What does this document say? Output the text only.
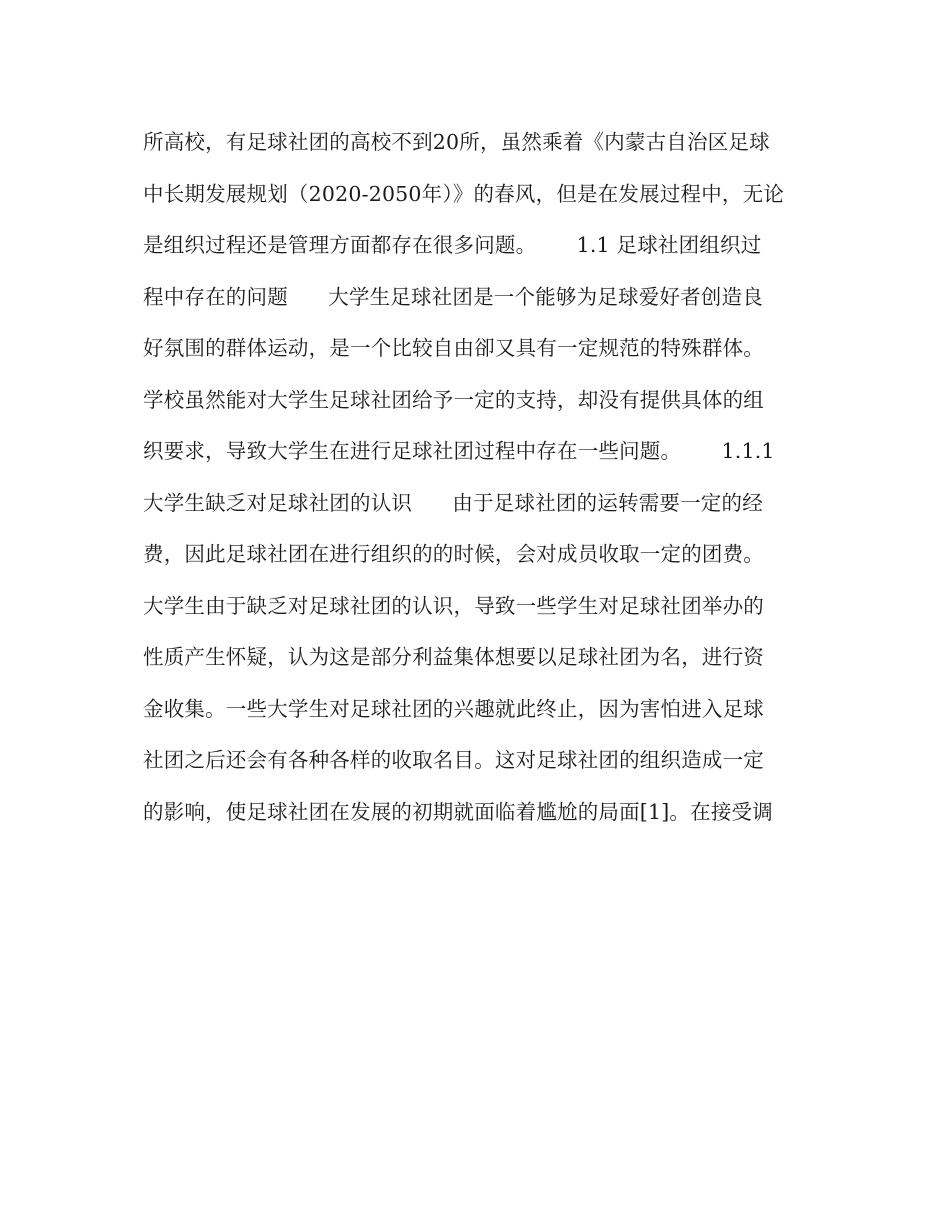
所高校，有足球社团的高校不到20所，虽然乘着《内蒙古自治区足球
中长期发展规划（2020-2050年）》的春风，但是在发展过程中，无论
是组织过程还是管理方面都存在很多问题。      1.1 足球社团组织过
程中存在的问题      大学生足球社团是一个能够为足球爱好者创造良
好氛围的群体运动，是一个比较自由卻又具有一定规范的特殊群体。
学校虽然能对大学生足球社团给予一定的支持，却没有提供具体的组
织要求，导致大学生在进行足球社团过程中存在一些问题。      1.1.1
大学生缺乏对足球社团的认识      由于足球社团的运转需要一定的经
费，因此足球社团在进行组织的的时候，会对成员收取一定的团费。
大学生由于缺乏对足球社团的认识，导致一些学生对足球社团举办的
性质产生怀疑，认为这是部分利益集体想要以足球社团为名，进行资
金收集。一些大学生对足球社团的兴趣就此终止，因为害怕进入足球
社团之后还会有各种各样的收取名目。这对足球社团的组织造成一定
的影响，使足球社团在发展的初期就面临着尴尬的局面[1]。在接受调
